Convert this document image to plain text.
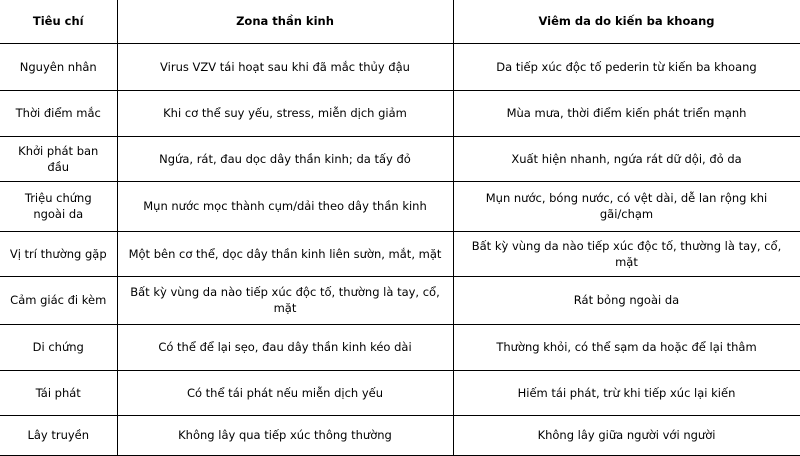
Tiêu chí	Zona thần kinh	Viêm da do kiến ba khoang
Nguyên nhân	Virus VZV tái hoạt sau khi đã mắc thủy đậu	Da tiếp xúc độc tố pederin từ kiến ba khoang
Thời điểm mắc	Khi cơ thể suy yếu, stress, miễn dịch giảm	Mùa mưa, thời điểm kiến phát triển mạnh
Khởi phát ban đầu	Ngứa, rát, đau dọc dây thần kinh; da tấy đỏ	Xuất hiện nhanh, ngứa rát dữ dội, đỏ da
Triệu chứng ngoài da	Mụn nước mọc thành cụm/dải theo dây thần kinh	Mụn nước, bóng nước, có vệt dài, dễ lan rộng khi gãi/chạm
Vị trí thường gặp	Một bên cơ thể, dọc dây thần kinh liên sườn, mắt, mặt	Bất kỳ vùng da nào tiếp xúc độc tố, thường là tay, cổ, mặt
Cảm giác đi kèm	Bất kỳ vùng da nào tiếp xúc độc tố, thường là tay, cổ, mặt	Rát bỏng ngoài da
Di chứng	Có thể để lại sẹo, đau dây thần kinh kéo dài	Thường khỏi, có thể sạm da hoặc để lại thâm
Tái phát	Có thể tái phát nếu miễn dịch yếu	Hiếm tái phát, trừ khi tiếp xúc lại kiến
Lây truyền	Không lây qua tiếp xúc thông thường	Không lây giữa người với người
